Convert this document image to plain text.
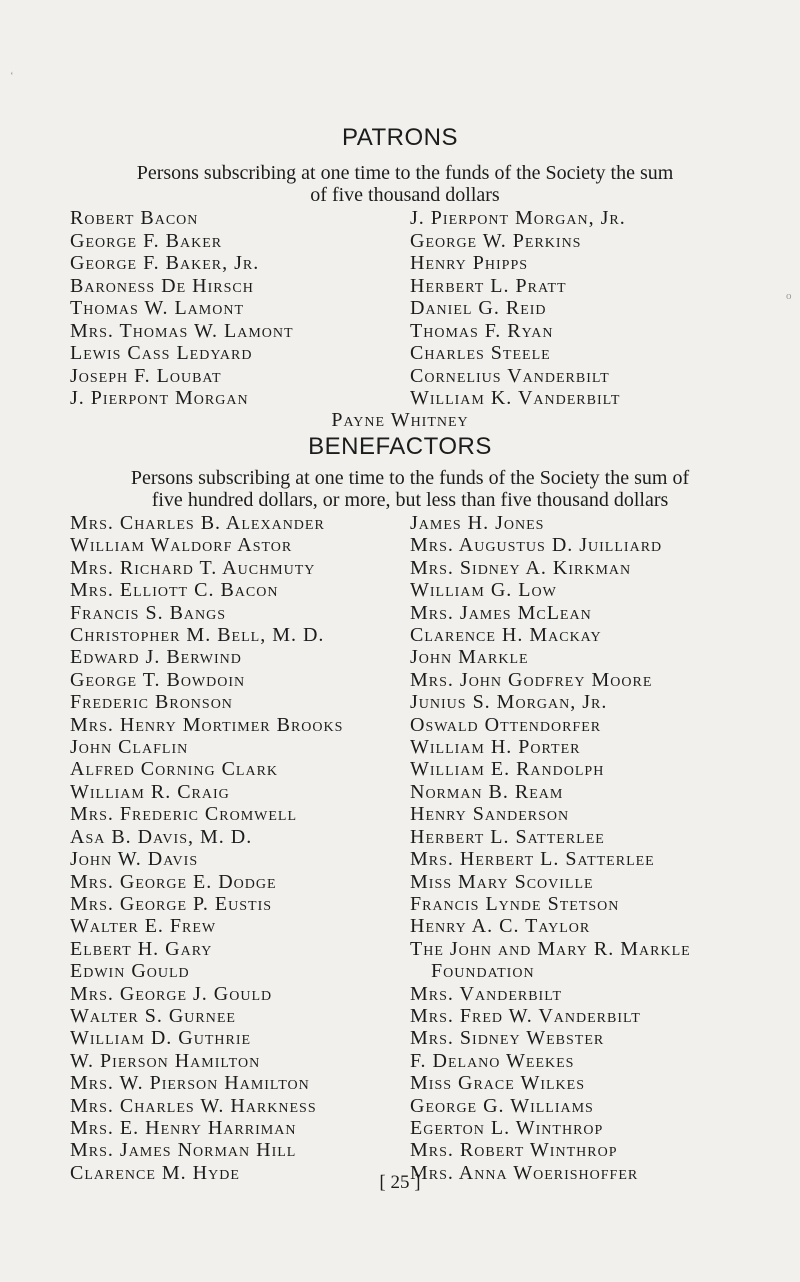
‘
o
PATRONS

Persons subscribing at one time to the funds of the Society the sum
of five thousand dollars

Robert Bacon
George F. Baker
George F. Baker, Jr.
Baroness De Hirsch
Thomas W. Lamont
Mrs. Thomas W. Lamont
Lewis Cass Ledyard
Joseph F. Loubat
J. Pierpont Morgan
J. Pierpont Morgan, Jr.
George W. Perkins
Henry Phipps
Herbert L. Pratt
Daniel G. Reid
Thomas F. Ryan
Charles Steele
Cornelius Vanderbilt
William K. Vanderbilt

Payne Whitney

BENEFACTORS

Persons subscribing at one time to the funds of the Society the sum of
five hundred dollars, or more, but less than five thousand dollars

Mrs. Charles B. Alexander
William Waldorf Astor
Mrs. Richard T. Auchmuty
Mrs. Elliott C. Bacon
Francis S. Bangs
Christopher M. Bell, M. D.
Edward J. Berwind
George T. Bowdoin
Frederic Bronson
Mrs. Henry Mortimer Brooks
John Claflin
Alfred Corning Clark
William R. Craig
Mrs. Frederic Cromwell
Asa B. Davis, M. D.
John W. Davis
Mrs. George E. Dodge
Mrs. George P. Eustis
Walter E. Frew
Elbert H. Gary
Edwin Gould
Mrs. George J. Gould
Walter S. Gurnee
William D. Guthrie
W. Pierson Hamilton
Mrs. W. Pierson Hamilton
Mrs. Charles W. Harkness
Mrs. E. Henry Harriman
Mrs. James Norman Hill
Clarence M. Hyde
James H. Jones
Mrs. Augustus D. Juilliard
Mrs. Sidney A. Kirkman
William G. Low
Mrs. James McLean
Clarence H. Mackay
John Markle
Mrs. John Godfrey Moore
Junius S. Morgan, Jr.
Oswald Ottendorfer
William H. Porter
William E. Randolph
Norman B. Ream
Henry Sanderson
Herbert L. Satterlee
Mrs. Herbert L. Satterlee
Miss Mary Scoville
Francis Lynde Stetson
Henry A. C. Taylor
The John and Mary R. Markle
 Foundation
Mrs. Vanderbilt
Mrs. Fred W. Vanderbilt
Mrs. Sidney Webster
F. Delano Weekes
Miss Grace Wilkes
George G. Williams
Egerton L. Winthrop
Mrs. Robert Winthrop
Mrs. Anna Woerishoffer

[ 25 ]
